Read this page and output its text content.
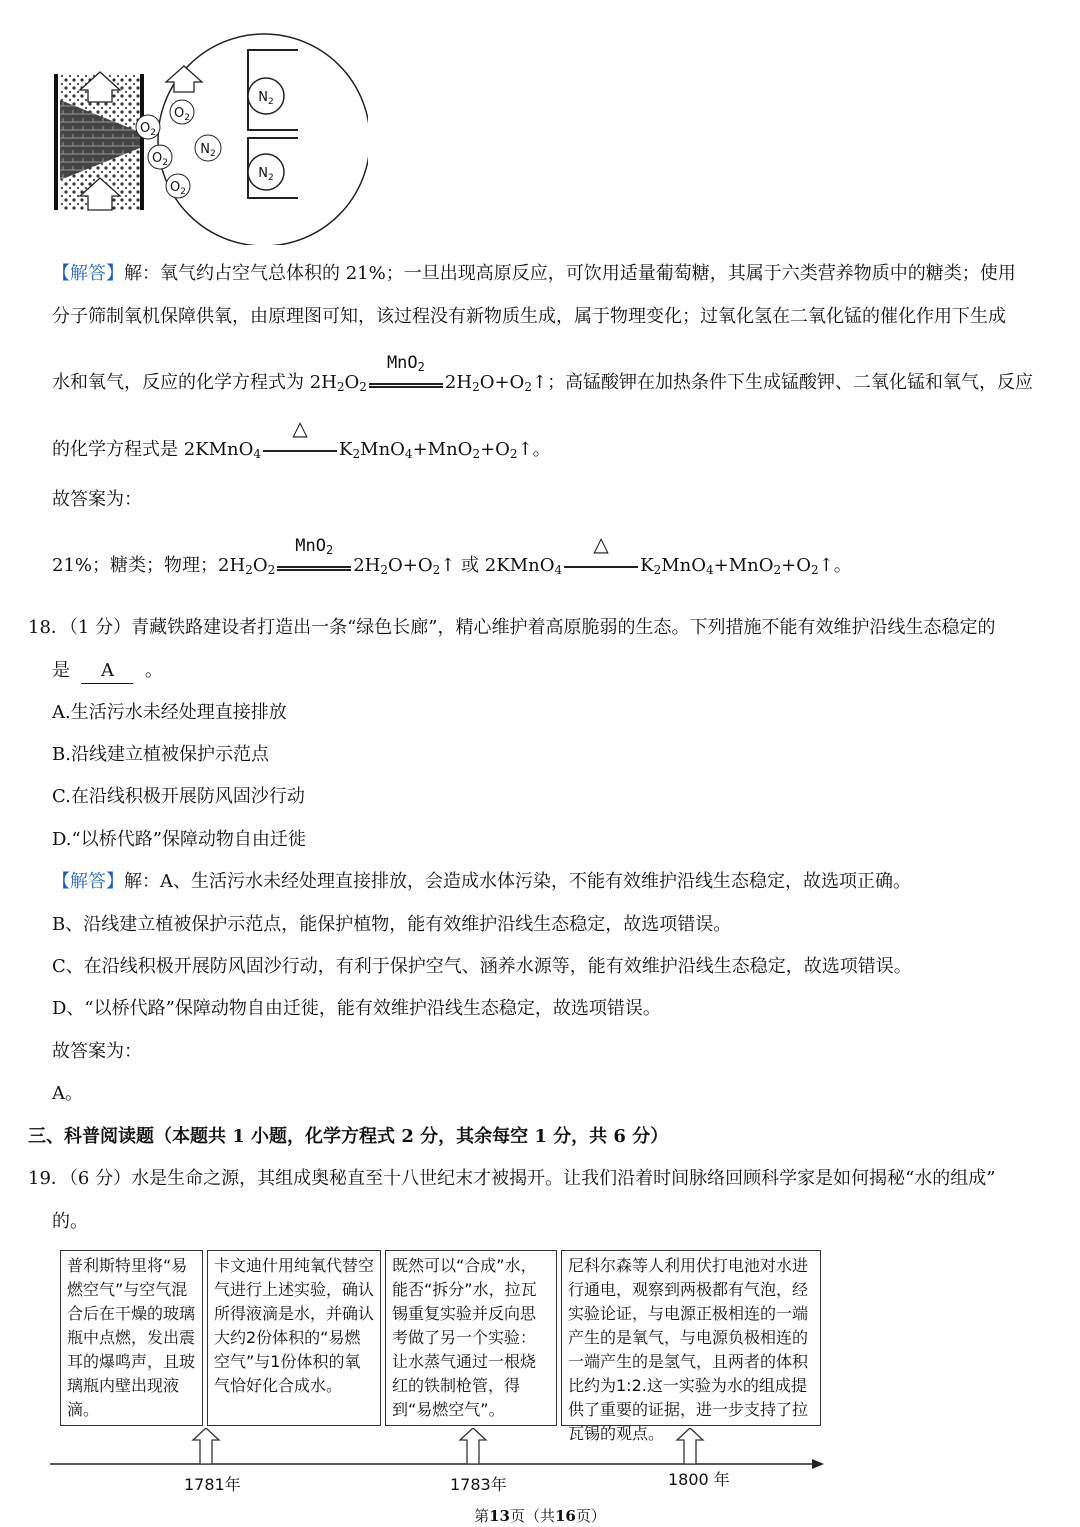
$O_2$
$O_2$
$O_2$
$O_2$
$N_2$
$N_2$
$N_2$
【解答】解：氧气约占空气总体积的 21%；一旦出现高原反应，可饮用适量葡萄糖，其属于六类营养物质中的糖类；使用
分子筛制氧机保障供氧，由原理图可知，该过程没有新物质生成，属于物理变化；过氧化氢在二氧化锰的催化作用下生成
水和氧气，反应的化学方程式为 $2H_2O_2$
MnO$_2$
$2H_2O+O_2↑$；高锰酸钾在加热条件下生成锰酸钾、二氧化锰和氧气，反应
的化学方程式是 2KMnO$_4$
△
$K_2MnO_4+MnO_2+O_2↑$。
故答案为：
21%；糖类；物理；$2H_2O_2$
MnO$_2$
$2H_2O+O_2↑$ 或 2KMnO$_4$
△
$K_2MnO_4+MnO_2+O_2↑$。
18．（1 分）青藏铁路建设者打造出一条“绿色长廊”，精心维护着高原脆弱的生态。下列措施不能有效维护沿线生态稳定的
是 A 。
A.生活污水未经处理直接排放
B.沿线建立植被保护示范点
C.在沿线积极开展防风固沙行动
D.“以桥代路”保障动物自由迁徙
【解答】解：A、生活污水未经处理直接排放，会造成水体污染，不能有效维护沿线生态稳定，故选项正确。
B、沿线建立植被保护示范点，能保护植物，能有效维护沿线生态稳定，故选项错误。
C、在沿线积极开展防风固沙行动，有利于保护空气、涵养水源等，能有效维护沿线生态稳定，故选项错误。
D、“以桥代路”保障动物自由迁徙，能有效维护沿线生态稳定，故选项错误。
故答案为：
A。
三、科普阅读题（本题共 1 小题，化学方程式 2 分，其余每空 1 分，共 6 分）
19．（6 分）水是生命之源，其组成奥秘直至十八世纪末才被揭开。让我们沿着时间脉络回顾科学家是如何揭秘“水的组成”
的。
普利斯特里将“易燃空气”与空气混合后在干燥的玻璃瓶中点燃，发出震耳的爆鸣声，且玻璃瓶内壁出现液滴。
卡文迪什用纯氧代替空气进行上述实验，确认所得液滴是水，并确认大约2份体积的“易燃空气”与1份体积的氧气恰好化合成水。
既然可以“合成”水，能否“拆分”水，拉瓦锡重复实验并反向思考做了另一个实验：让水蒸气通过一根烧红的铁制枪管，得到“易燃空气”。
尼科尔森等人利用伏打电池对水进行通电，观察到两极都有气泡，经实验论证，与电源正极相连的一端产生的是氧气，与电源负极相连的一端产生的是氢气，且两者的体积比约为1:2.这一实验为水的组成提供了重要的证据，进一步支持了拉瓦锡的观点。
1781年	1783年	1800 年
第13页（共16页）
